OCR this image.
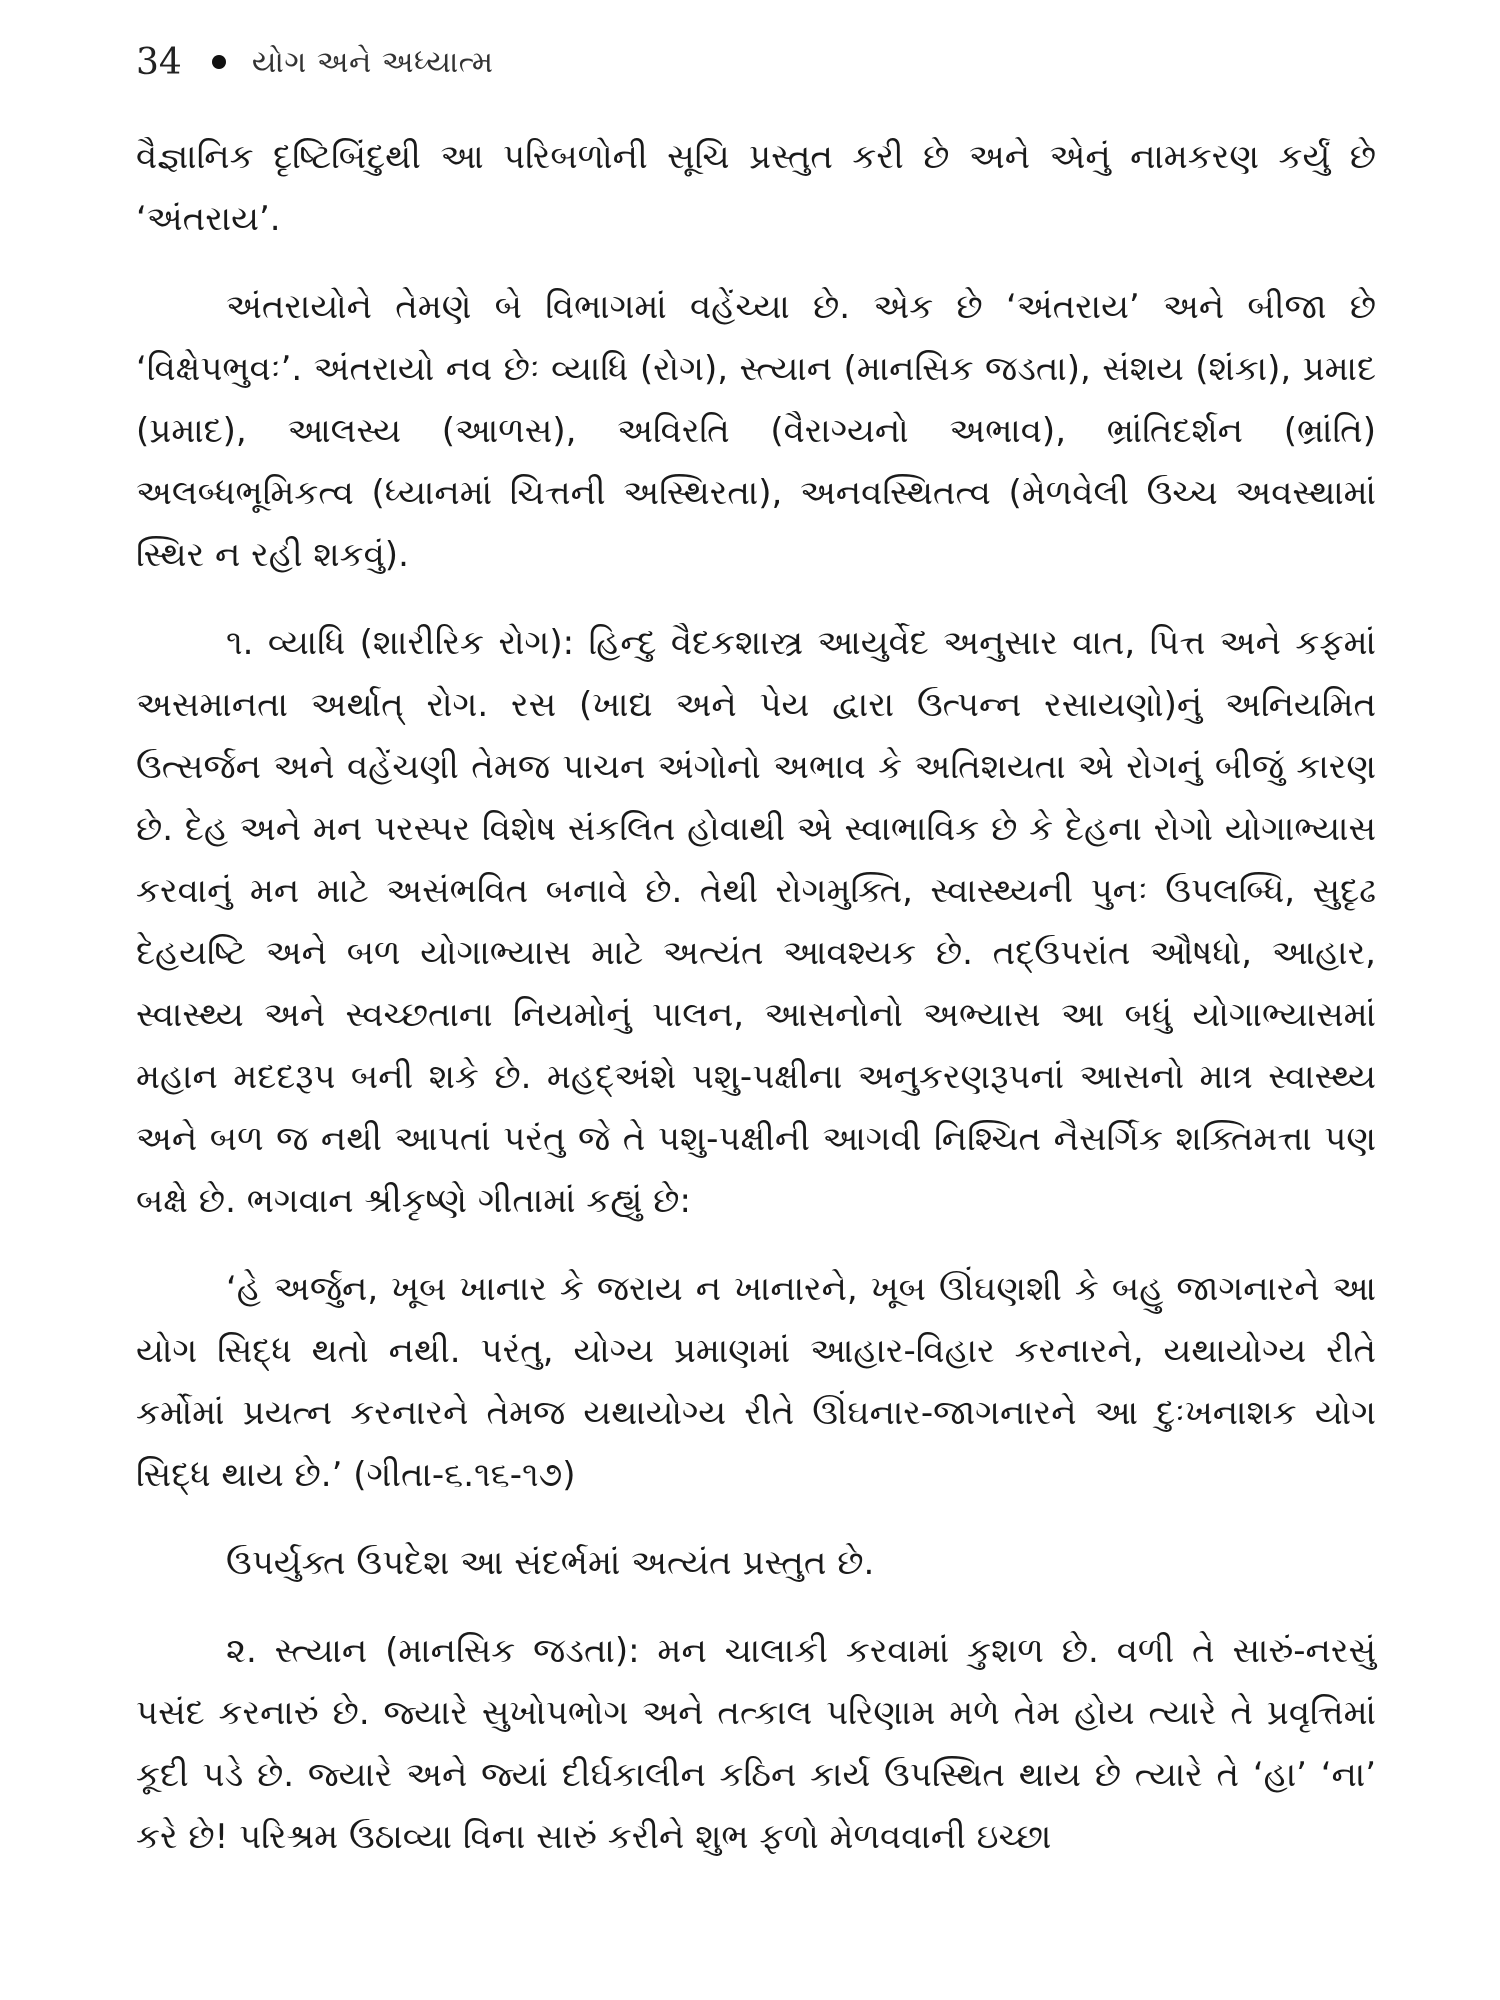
34 યોગ અને અધ્યાત્મ

વૈજ્ઞાનિક દૃષ્ટિબિંદુથી આ પરિબળોની સૂચિ પ્રસ્તુત કરી છે અને એનું નામકરણ કર્યું છે ‘અંતરાય’.

અંતરાયોને તેમણે બે વિભાગમાં વહેંચ્યા છે. એક છે ‘અંતરાય’ અને બીજા છે ‘વિક્ષેપભુવઃ’. અંતરાયો નવ છેઃ વ્યાધિ (રોગ), સ્ત્યાન (માનસિક જડતા), સંશય (શંકા), પ્રમાદ (પ્રમાદ), આલસ્ય (આળસ), અવિરતિ (વૈરાગ્યનો અભાવ), ભ્રાંતિદર્શન (ભ્રાંતિ) અલબ્ધભૂમિકત્વ (ધ્યાનમાં ચિત્તની અસ્થિરતા), અનવસ્થિતત્વ (મેળવેલી ઉચ્ચ અવસ્થામાં સ્થિર ન રહી શકવું).

૧. વ્યાધિ (શારીરિક રોગ): હિન્દુ વૈદકશાસ્ત્ર આયુર્વેદ અનુસાર વાત, પિત્ત અને કફમાં અસમાનતા અર્થાત્ રોગ. રસ (ખાદ્ય અને પેય દ્વારા ઉત્પન્ન રસાયણો)નું અનિયમિત ઉત્સર્જન અને વહેંચણી તેમજ પાચન અંગોનો અભાવ કે અતિશયતા એ રોગનું બીજું કારણ છે. દેહ અને મન પરસ્પર વિશેષ સંકલિત હોવાથી એ સ્વાભાવિક છે કે દેહના રોગો યોગાભ્યાસ કરવાનું મન માટે અસંભવિત બનાવે છે. તેથી રોગમુક્તિ, સ્વાસ્થ્યની પુનઃ ઉપલબ્ધિ, સુદૃઢ દેહયષ્ટિ અને બળ યોગાભ્યાસ માટે અત્યંત આવશ્યક છે. તદ્ઉપરાંત ઔષધો, આહાર, સ્વાસ્થ્ય અને સ્વચ્છતાના નિયમોનું પાલન, આસનોનો અભ્યાસ આ બધું યોગાભ્યાસમાં મહાન મદદરૂપ બની શકે છે. મહદ્અંશે પશુ-પક્ષીના અનુકરણરૂપનાં આસનો માત્ર સ્વાસ્થ્ય અને બળ જ નથી આપતાં પરંતુ જે તે પશુ-પક્ષીની આગવી નિશ્ચિત નૈસર્ગિક શક્તિમત્તા પણ બક્ષે છે. ભગવાન શ્રીકૃષ્ણે ગીતામાં કહ્યું છે:

‘હે અર્જુન, ખૂબ ખાનાર કે જરાય ન ખાનારને, ખૂબ ઊંઘણશી કે બહુ જાગનારને આ યોગ સિદ્ધ થતો નથી. પરંતુ, યોગ્ય પ્રમાણમાં આહાર-વિહાર કરનારને, યથાયોગ્ય રીતે કર્મોમાં પ્રયત્ન કરનારને તેમજ યથાયોગ્ય રીતે ઊંઘનાર-જાગનારને આ દુઃખનાશક યોગ સિદ્ધ થાય છે.’ (ગીતા-૬.૧૬-૧૭)

ઉપર્યુક્ત ઉપદેશ આ સંદર્ભમાં અત્યંત પ્રસ્તુત છે.

૨. સ્ત્યાન (માનસિક જડતા): મન ચાલાકી કરવામાં કુશળ છે. વળી તે સારું-નરસું પસંદ કરનારું છે. જ્યારે સુખોપભોગ અને તત્કાલ પરિણામ મળે તેમ હોય ત્યારે તે પ્રવૃત્તિમાં કૂદી પડે છે. જ્યારે અને જ્યાં દીર્ઘકાલીન કઠિન કાર્ય ઉપસ્થિત થાય છે ત્યારે તે ‘હા’ ‘ના’ કરે છે! પરિશ્રમ ઉઠાવ્યા વિના સારું કરીને શુભ ફળો મેળવવાની ઇચ્છા
